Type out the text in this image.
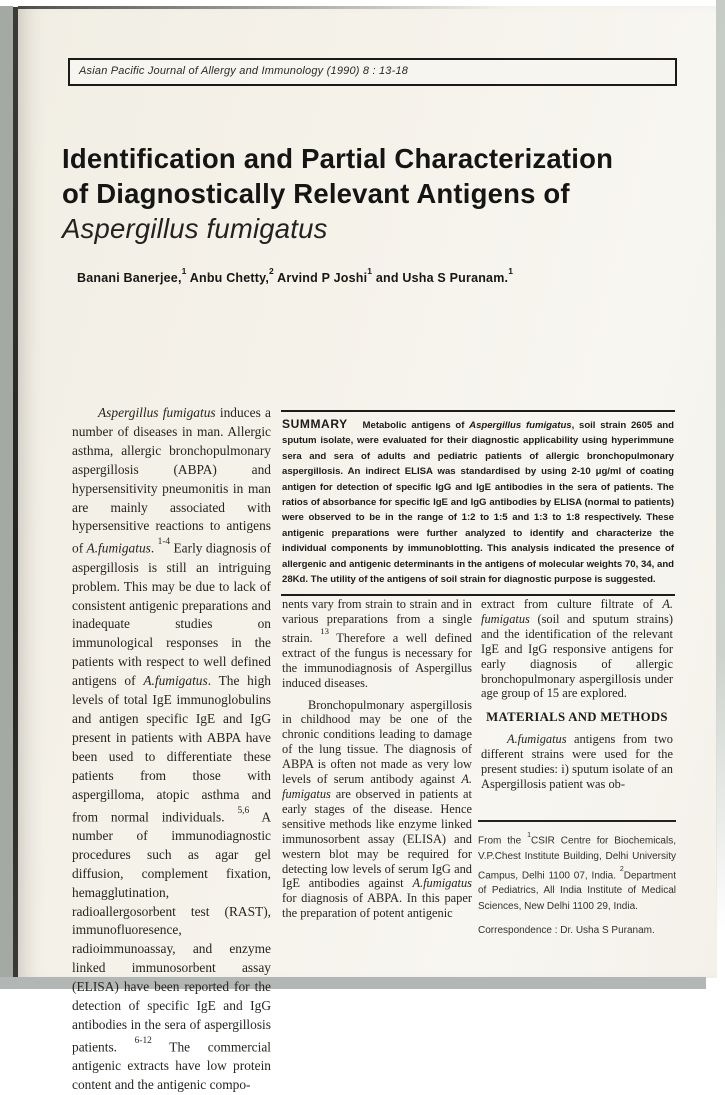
Asian Pacific Journal of Allergy and Immunology (1990) 8 : 13-18
Identification and Partial Characterization
of Diagnostically Relevant Antigens of
Aspergillus fumigatus

Banani Banerjee,$^1$ Anbu Chetty,$^2$ Arvind P Joshi$^1$ and Usha S Puranam.$^1$

Aspergillus fumigatus induces a number of diseases in man. Allergic asthma, allergic bronchopulmonary aspergillosis (ABPA) and hypersensitivity pneumonitis in man are mainly associated with hypersensitive reactions to antigens of A.fumigatus. $^{1-4}$ Early diagnosis of aspergillosis is still an intriguing problem. This may be due to lack of consistent antigenic preparations and inadequate studies on immunological responses in the patients with respect to well defined antigens of A.fumigatus. The high levels of total IgE immunoglobulins and antigen specific IgE and IgG present in patients with ABPA have been used to differentiate these patients from those with aspergilloma, atopic asthma and from normal individuals. $^{5,6}$ A number of immunodiagnostic procedures such as agar gel diffusion, complement fixation, hemagglutination, radioallergosorbent test (RAST), immunofluoresence, radioimmunoassay, and enzyme linked immunosorbent assay (ELISA) have been reported for the detection of specific IgE and IgG antibodies in the sera of aspergillosis patients. $^{6-12}$ The commercial antigenic extracts have low protein content and the antigenic compo-

SUMMARY Metabolic antigens of Aspergillus fumigatus, soil strain 2605 and sputum isolate, were evaluated for their diagnostic applicability using hyperimmune sera and sera of adults and pediatric patients of allergic bronchopulmonary aspergillosis. An indirect ELISA was standardised by using 2-10 μg/ml of coating antigen for detection of specific IgG and IgE antibodies in the sera of patients. The ratios of absorbance for specific IgE and IgG antibodies by ELISA (normal to patients) were observed to be in the range of 1:2 to 1:5 and 1:3 to 1:8 respectively. These antigenic preparations were further analyzed to identify and characterize the individual components by immunoblotting. This analysis indicated the presence of allergenic and antigenic determinants in the antigens of molecular weights 70, 34, and 28Kd. The utility of the antigens of soil strain for diagnostic purpose is suggested.

nents vary from strain to strain and in various preparations from a single strain. $^{13}$ Therefore a well defined extract of the fungus is necessary for the immunodiagnosis of Aspergillus induced diseases.

Bronchopulmonary aspergillosis in childhood may be one of the chronic conditions leading to damage of the lung tissue. The diagnosis of ABPA is often not made as very low levels of serum antibody against A. fumigatus are observed in patients at early stages of the disease. Hence sensitive methods like enzyme linked immunosorbent assay (ELISA) and western blot may be required for detecting low levels of serum IgG and IgE antibodies against A.fumigatus for diagnosis of ABPA. In this paper the preparation of potent antigenic

extract from culture filtrate of A. fumigatus (soil and sputum strains) and the identification of the relevant IgE and IgG responsive antigens for early diagnosis of allergic bronchopulmonary aspergillosis under age group of 15 are explored.

MATERIALS AND METHODS

A.fumigatus antigens from two different strains were used for the present studies: i) sputum isolate of an Aspergillosis patient was ob-

From the $^1$CSIR Centre for Biochemicals, V.P.Chest Institute Building, Delhi University Campus, Delhi 1100 07, India. $^2$Department of Pediatrics, All India Institute of Medical Sciences, New Delhi 1100 29, India.

Correspondence : Dr. Usha S Puranam.
